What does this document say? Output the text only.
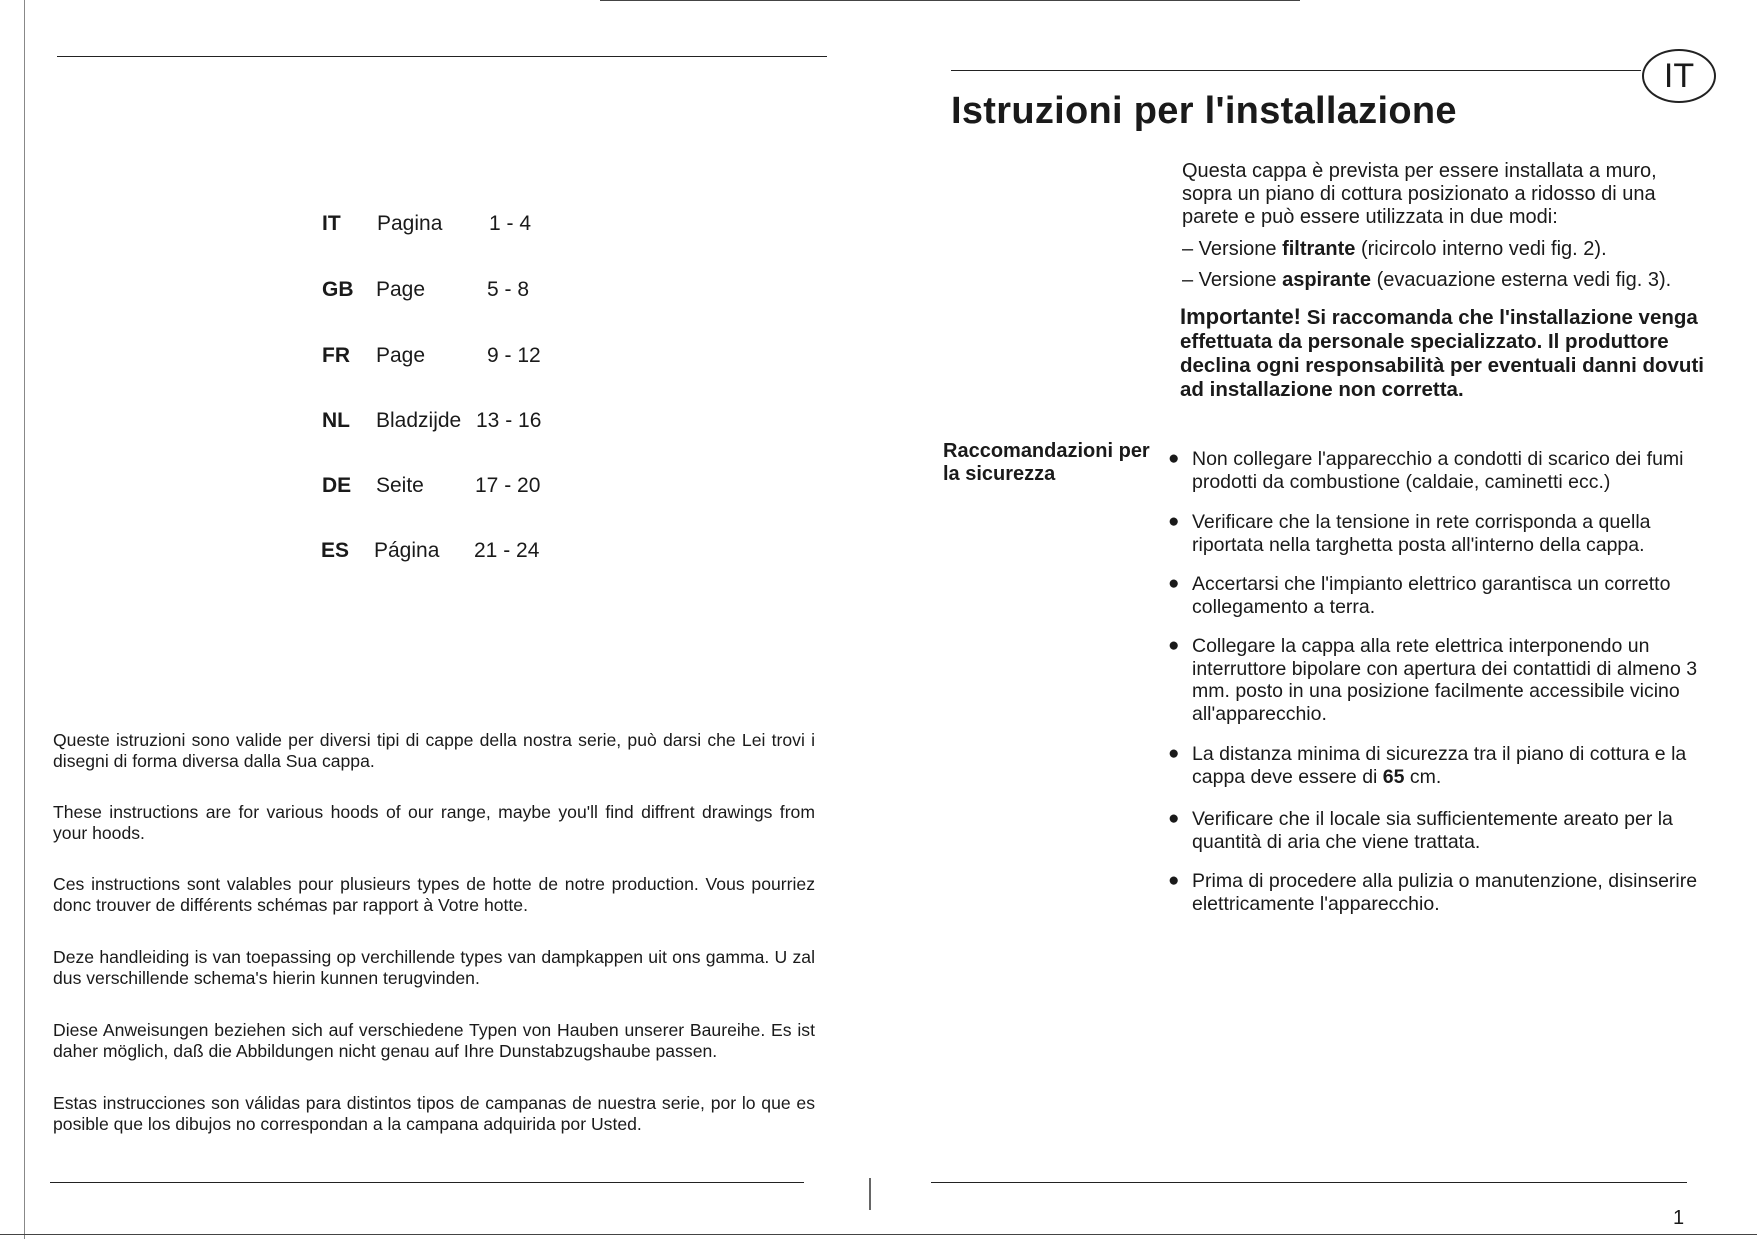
IT Pagina 1 - 4
GB Page	5 - 8
FR Page	9 - 12
NL Bladzijde 13 - 16
DE Seite 17 - 20
ES Página 21 - 24
Queste istruzioni sono valide per diversi tipi di cappe della nostra serie, può darsi che Lei trovi i disegni di forma diversa dalla Sua cappa.
These instructions are for various hoods of our range, maybe you'll find diffrent drawings from your hoods.
Ces instructions sont valables pour plusieurs types de hotte de notre production. Vous pourriez donc trouver de différents schémas par rapport à Votre hotte.
Deze handleiding is van toepassing op verchillende types van dampkappen uit ons gamma. U zal dus verschillende schema's hierin kunnen terugvinden.
Diese Anweisungen beziehen sich auf verschiedene Typen von Hauben unserer Baureihe. Es ist daher möglich, daß die Abbildungen nicht genau auf Ihre Dunstabzugshaube passen.
Estas instrucciones son válidas para distintos tipos de campanas de nuestra serie, por lo que es posible que los dibujos no correspondan a la campana adquirida por Usted.
IT
Istruzioni per l'installazione
Questa cappa è prevista per essere installata a muro, sopra un piano di cottura posizionato a ridosso di una parete e può essere utilizzata in due modi:
– Versione filtrante (ricircolo interno vedi fig. 2).
– Versione aspirante (evacuazione esterna vedi fig. 3).
Importante! Si raccomanda che l'installazione venga effettuata da personale specializzato. Il produttore declina ogni responsabilità per eventuali danni dovuti ad installazione non corretta.
Raccomandazioni per la sicurezza
● Non collegare l'apparecchio a condotti di scarico dei fumi prodotti da combustione (caldaie, caminetti ecc.)
● Verificare che la tensione in rete corrisponda a quella riportata nella targhetta posta all'interno della cappa.
● Accertarsi che l'impianto elettrico garantisca un corretto collegamento a terra.
● Collegare la cappa alla rete elettrica interponendo un interruttore bipolare con apertura dei contattidi di almeno 3 mm. posto in una posizione facilmente accessibile vicino all'apparecchio.
● La distanza minima di sicurezza tra il piano di cottura e la cappa deve essere di 65 cm.
● Verificare che il locale sia sufficientemente areato per la quantità di aria che viene trattata.
● Prima di procedere alla pulizia o manutenzione, disinserire elettricamente l'apparecchio.
1
